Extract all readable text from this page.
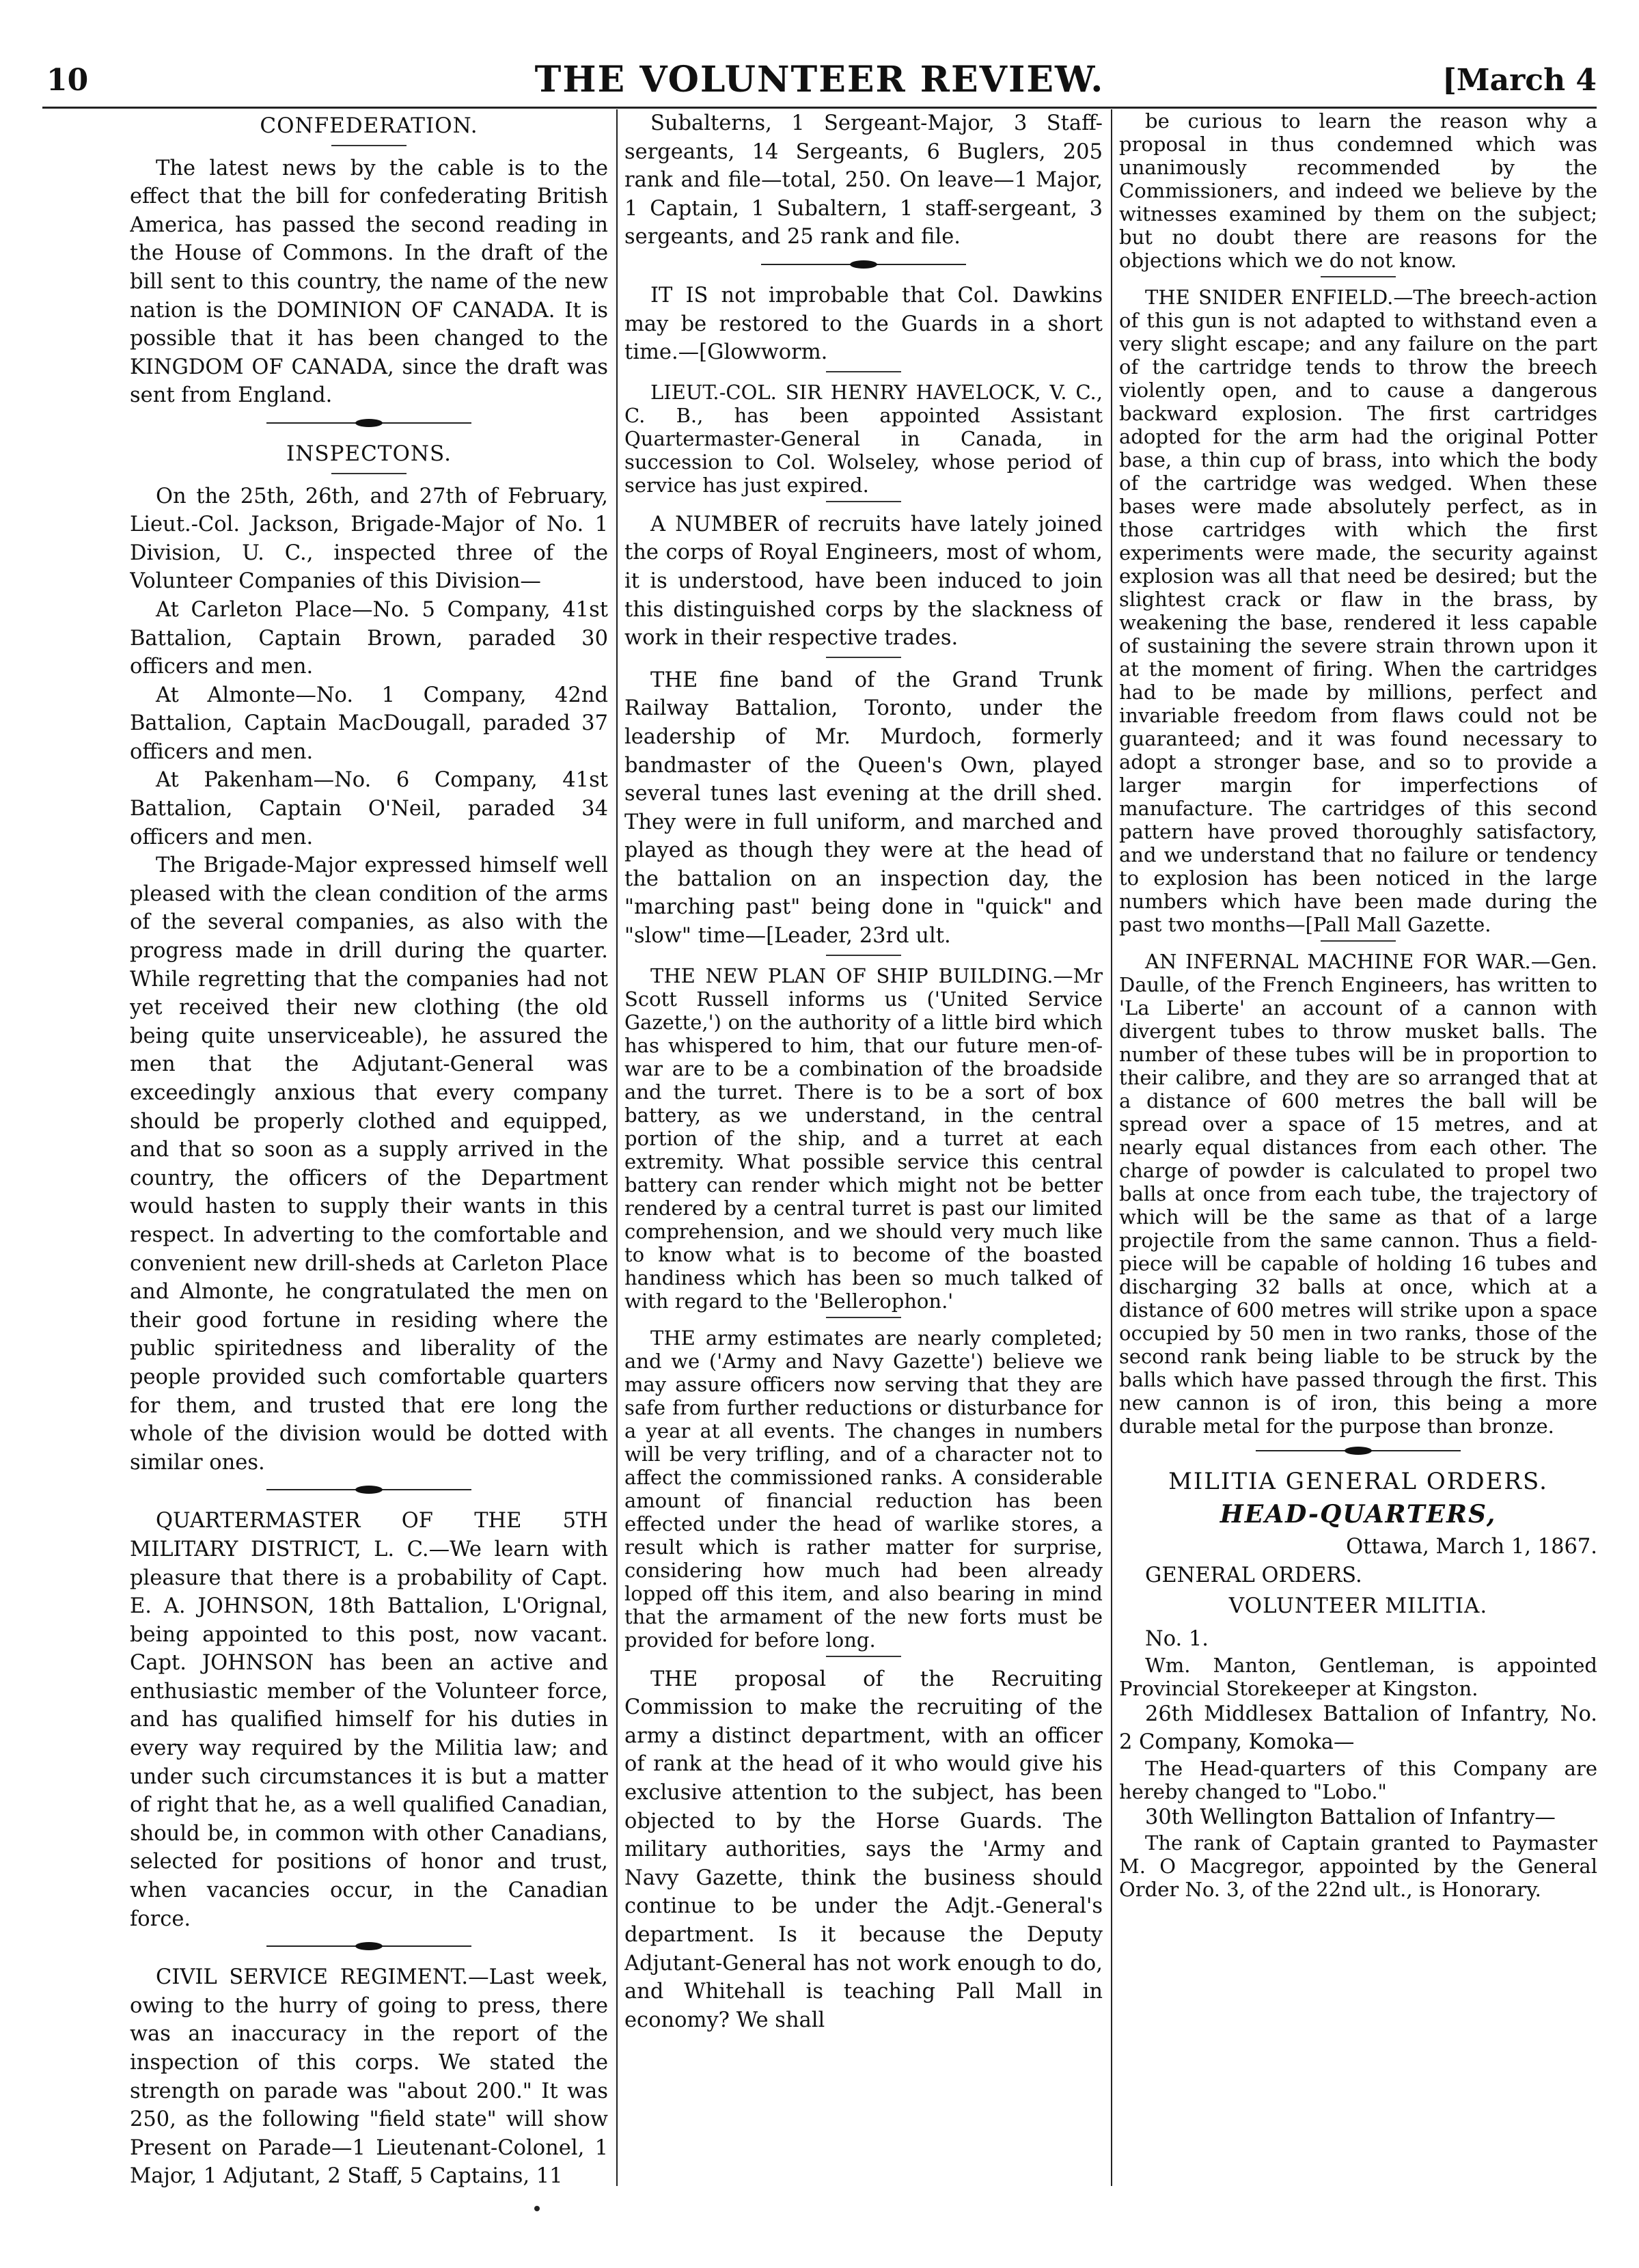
10	THE VOLUNTEER REVIEW.	[March 4
CONFEDERATION.

The latest news by the cable is to the effect that the bill for confederating British America, has passed the second reading in the House of Commons. In the draft of the bill sent to this country, the name of the new nation is the DOMINION OF CANADA. It is possible that it has been changed to the KINGDOM OF CANADA, since the draft was sent from England.

INSPECTONS.

On the 25th, 26th, and 27th of February, Lieut.-Col. Jackson, Brigade-Major of No. 1 Division, U. C., inspected three of the Volunteer Companies of this Division—

At Carleton Place—No. 5 Company, 41st Battalion, Captain Brown, paraded 30 officers and men.

At Almonte—No. 1 Company, 42nd Battalion, Captain MacDougall, paraded 37 officers and men.

At Pakenham—No. 6 Company, 41st Battalion, Captain O'Neil, paraded 34 officers and men.

The Brigade-Major expressed himself well pleased with the clean condition of the arms of the several companies, as also with the progress made in drill during the quarter. While regretting that the companies had not yet received their new clothing (the old being quite unserviceable), he assured the men that the Adjutant-General was exceedingly anxious that every company should be properly clothed and equipped, and that so soon as a supply arrived in the country, the officers of the Department would hasten to supply their wants in this respect. In adverting to the comfortable and convenient new drill-sheds at Carleton Place and Almonte, he congratulated the men on their good fortune in residing where the public spiritedness and liberality of the people provided such comfortable quarters for them, and trusted that ere long the whole of the division would be dotted with similar ones.

QUARTERMASTER OF THE 5TH MILITARY DISTRICT, L. C.—We learn with pleasure that there is a probability of Capt. E. A. JOHNSON, 18th Battalion, L'Orignal, being appointed to this post, now vacant. Capt. JOHNSON has been an active and enthusiastic member of the Volunteer force, and has qualified himself for his duties in every way required by the Militia law; and under such circumstances it is but a matter of right that he, as a well qualified Canadian, should be, in common with other Canadians, selected for positions of honor and trust, when vacancies occur, in the Canadian force.

CIVIL SERVICE REGIMENT.—Last week, owing to the hurry of going to press, there was an inaccuracy in the report of the inspection of this corps. We stated the strength on parade was "about 200." It was 250, as the following "field state" will show Present on Parade—1 Lieutenant-Colonel, 1 Major, 1 Adjutant, 2 Staff, 5 Captains, 11

Subalterns, 1 Sergeant-Major, 3 Staff-sergeants, 14 Sergeants, 6 Buglers, 205 rank and file—total, 250. On leave—1 Major, 1 Captain, 1 Subaltern, 1 staff-sergeant, 3 sergeants, and 25 rank and file.

IT IS not improbable that Col. Dawkins may be restored to the Guards in a short time.—[Glowworm.

LIEUT.-COL. SIR HENRY HAVELOCK, V. C., C. B., has been appointed Assistant Quartermaster-General in Canada, in succession to Col. Wolseley, whose period of service has just expired.

A NUMBER of recruits have lately joined the corps of Royal Engineers, most of whom, it is understood, have been induced to join this distinguished corps by the slackness of work in their respective trades.

THE fine band of the Grand Trunk Railway Battalion, Toronto, under the leadership of Mr. Murdoch, formerly bandmaster of the Queen's Own, played several tunes last evening at the drill shed. They were in full uniform, and marched and played as though they were at the head of the battalion on an inspection day, the "marching past" being done in "quick" and "slow" time—[Leader, 23rd ult.

THE NEW PLAN OF SHIP BUILDING.—Mr Scott Russell informs us ('United Service Gazette,') on the authority of a little bird which has whispered to him, that our future men-of-war are to be a combination of the broadside and the turret. There is to be a sort of box battery, as we understand, in the central portion of the ship, and a turret at each extremity. What possible service this central battery can render which might not be better rendered by a central turret is past our limited comprehension, and we should very much like to know what is to become of the boasted handiness which has been so much talked of with regard to the 'Bellerophon.'

THE army estimates are nearly completed; and we ('Army and Navy Gazette') believe we may assure officers now serving that they are safe from further reductions or disturbance for a year at all events. The changes in numbers will be very trifling, and of a character not to affect the commissioned ranks. A considerable amount of financial reduction has been effected under the head of warlike stores, a result which is rather matter for surprise, considering how much had been already lopped off this item, and also bearing in mind that the armament of the new forts must be provided for before long.

THE proposal of the Recruiting Commission to make the recruiting of the army a distinct department, with an officer of rank at the head of it who would give his exclusive attention to the subject, has been objected to by the Horse Guards. The military authorities, says the 'Army and Navy Gazette, think the business should continue to be under the Adjt.-General's department. Is it because the Deputy Adjutant-General has not work enough to do, and Whitehall is teaching Pall Mall in economy? We shall

be curious to learn the reason why a proposal in thus condemned which was unanimously recommended by the Commissioners, and indeed we believe by the witnesses examined by them on the subject; but no doubt there are reasons for the objections which we do not know.

THE SNIDER ENFIELD.—The breech-action of this gun is not adapted to withstand even a very slight escape; and any failure on the part of the cartridge tends to throw the breech violently open, and to cause a dangerous backward explosion. The first cartridges adopted for the arm had the original Potter base, a thin cup of brass, into which the body of the cartridge was wedged. When these bases were made absolutely perfect, as in those cartridges with which the first experiments were made, the security against explosion was all that need be desired; but the slightest crack or flaw in the brass, by weakening the base, rendered it less capable of sustaining the severe strain thrown upon it at the moment of firing. When the cartridges had to be made by millions, perfect and invariable freedom from flaws could not be guaranteed; and it was found necessary to adopt a stronger base, and so to provide a larger margin for imperfections of manufacture. The cartridges of this second pattern have proved thoroughly satisfactory, and we understand that no failure or tendency to explosion has been noticed in the large numbers which have been made during the past two months—[Pall Mall Gazette.

AN INFERNAL MACHINE FOR WAR.—Gen. Daulle, of the French Engineers, has written to 'La Liberte' an account of a cannon with divergent tubes to throw musket balls. The number of these tubes will be in proportion to their calibre, and they are so arranged that at a distance of 600 metres the ball will be spread over a space of 15 metres, and at nearly equal distances from each other. The charge of powder is calculated to propel two balls at once from each tube, the trajectory of which will be the same as that of a large projectile from the same cannon. Thus a field-piece will be capable of holding 16 tubes and discharging 32 balls at once, which at a distance of 600 metres will strike upon a space occupied by 50 men in two ranks, those of the second rank being liable to be struck by the balls which have passed through the first. This new cannon is of iron, this being a more durable metal for the purpose than bronze.

MILITIA GENERAL ORDERS.
HEAD-QUARTERS,

Ottawa, March 1, 1867.

GENERAL ORDERS.

VOLUNTEER MILITIA.

No. 1.

Wm. Manton, Gentleman, is appointed Provincial Storekeeper at Kingston.

26th Middlesex Battalion of Infantry, No. 2 Company, Komoka—

The Head-quarters of this Company are hereby changed to "Lobo."

30th Wellington Battalion of Infantry—

The rank of Captain granted to Paymaster M. O Macgregor, appointed by the General Order No. 3, of the 22nd ult., is Honorary.
